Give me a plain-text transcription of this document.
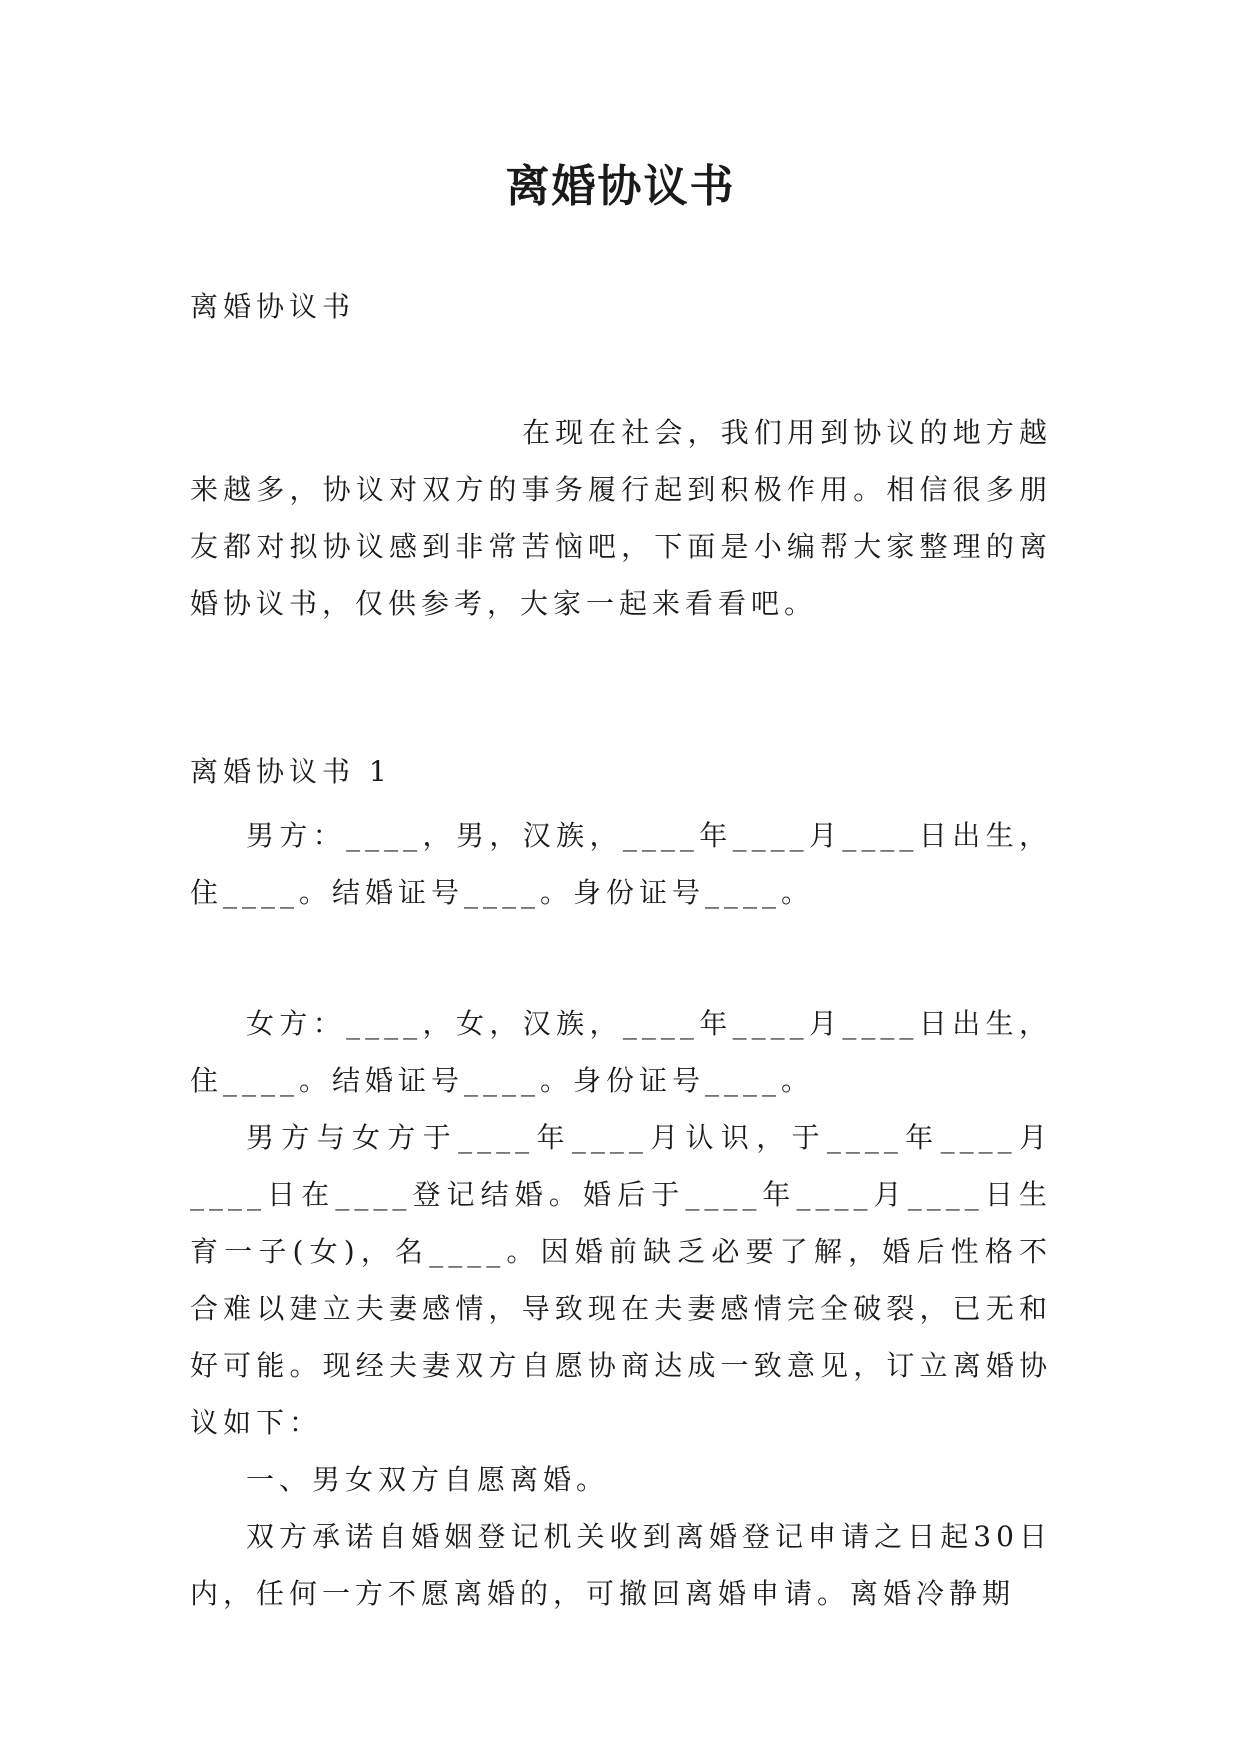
离婚协议书

离婚协议书

在现在社会，我们用到协议的地方越来越多，协议对双方的事务履行起到积极作用。相信很多朋友都对拟协议感到非常苦恼吧，下面是小编帮大家整理的离婚协议书，仅供参考，大家一起来看看吧。

离婚协议书 1

男方：____，男，汉族，____年____月____日出生，住____。结婚证号____。身份证号____。

女方：____，女，汉族，____年____月____日出生，住____。结婚证号____。身份证号____。

男方与女方于____年____月认识，于____年____月____日在____登记结婚。婚后于____年____月____日生育一子(女)，名____。因婚前缺乏必要了解，婚后性格不合难以建立夫妻感情，导致现在夫妻感情完全破裂，已无和好可能。现经夫妻双方自愿协商达成一致意见，订立离婚协议如下：

一、男女双方自愿离婚。

双方承诺自婚姻登记机关收到离婚登记申请之日起30日内，任何一方不愿离婚的，可撤回离婚申请。离婚冷静期
